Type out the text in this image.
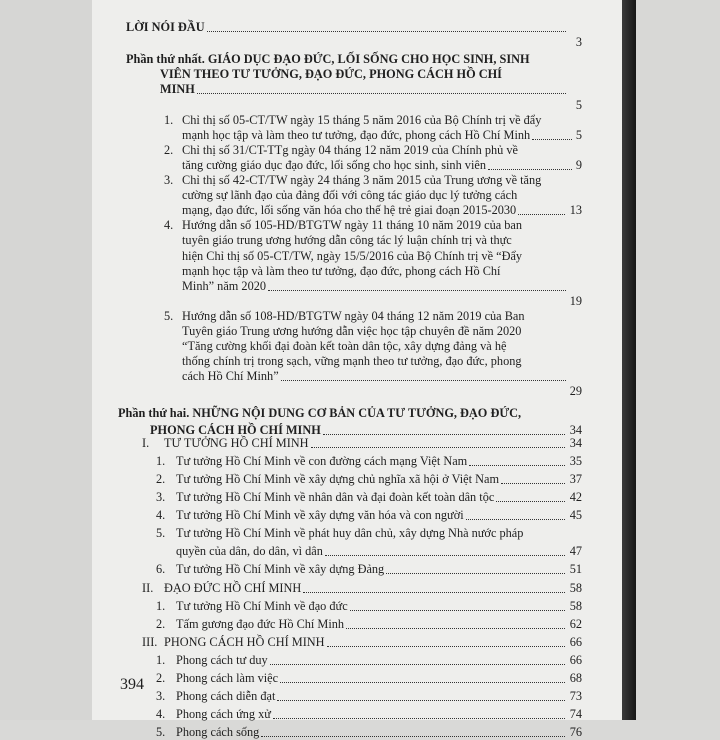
LỜI NÓI ĐẦU
3
Phần thứ nhất. GIÁO DỤC ĐẠO ĐỨC, LỐI SỐNG CHO HỌC SINH, SINH
VIÊN THEO TƯ TƯỞNG, ĐẠO ĐỨC, PHONG CÁCH HỒ CHÍ
MINH
5
1. Chỉ thị số 05-CT/TW ngày 15 tháng 5 năm 2016 của Bộ Chính trị về đẩy
mạnh học tập và làm theo tư tưởng, đạo đức, phong cách Hồ Chí Minh	5
2. Chỉ thị số 31/CT-TTg ngày 04 tháng 12 năm 2019 của Chính phủ về
tăng cường giáo dục đạo đức, lối sống cho học sinh, sinh viên	9
3. Chỉ thị số 42-CT/TW ngày 24 tháng 3 năm 2015 của Trung ương về tăng
cường sự lãnh đạo của đảng đối với công tác giáo dục lý tưởng cách
mạng, đạo đức, lối sống văn hóa cho thế hệ trẻ giai đoạn 2015-2030	13
4. Hướng dẫn số 105-HD/BTGTW ngày 11 tháng 10 năm 2019 của ban
tuyên giáo trung ương hướng dẫn công tác lý luận chính trị và thực
hiện Chỉ thị số 05-CT/TW, ngày 15/5/2016 của Bộ Chính trị về “Đẩy
mạnh học tập và làm theo tư tưởng, đạo đức, phong cách Hồ Chí
Minh” năm 2020
19
5. Hướng dẫn số 108-HD/BTGTW ngày 04 tháng 12 năm 2019 của Ban
Tuyên giáo Trung ương hướng dẫn việc học tập chuyên đề năm 2020
“Tăng cường khối đại đoàn kết toàn dân tộc, xây dựng đảng và hệ
thống chính trị trong sạch, vững mạnh theo tư tưởng, đạo đức, phong
cách Hồ Chí Minh”
29
Phần thứ hai. NHỮNG NỘI DUNG CƠ BẢN CỦA TƯ TƯỞNG, ĐẠO ĐỨC,
PHONG CÁCH HỒ CHÍ MINH	34
I. TƯ TƯỞNG HỒ CHÍ MINH	34
1. Tư tưởng Hồ Chí Minh về con đường cách mạng Việt Nam	35
2. Tư tưởng Hồ Chí Minh về xây dựng chủ nghĩa xã hội ở Việt Nam	37
3. Tư tưởng Hồ Chí Minh về nhân dân và đại đoàn kết toàn dân tộc	42
4. Tư tưởng Hồ Chí Minh về xây dựng văn hóa và con người	45
5. Tư tưởng Hồ Chí Minh về phát huy dân chủ, xây dựng Nhà nước pháp
quyền của dân, do dân, vì dân	47
6. Tư tưởng Hồ Chí Minh về xây dựng Đảng	51
II. ĐẠO ĐỨC HỒ CHÍ MINH	58
1. Tư tưởng Hồ Chí Minh về đạo đức	58
2. Tấm gương đạo đức Hồ Chí Minh	62
III. PHONG CÁCH HỒ CHÍ MINH	66
1. Phong cách tư duy	66
2. Phong cách làm việc	68
3. Phong cách diễn đạt	73
4. Phong cách ứng xử	74
5. Phong cách sống	76
394
